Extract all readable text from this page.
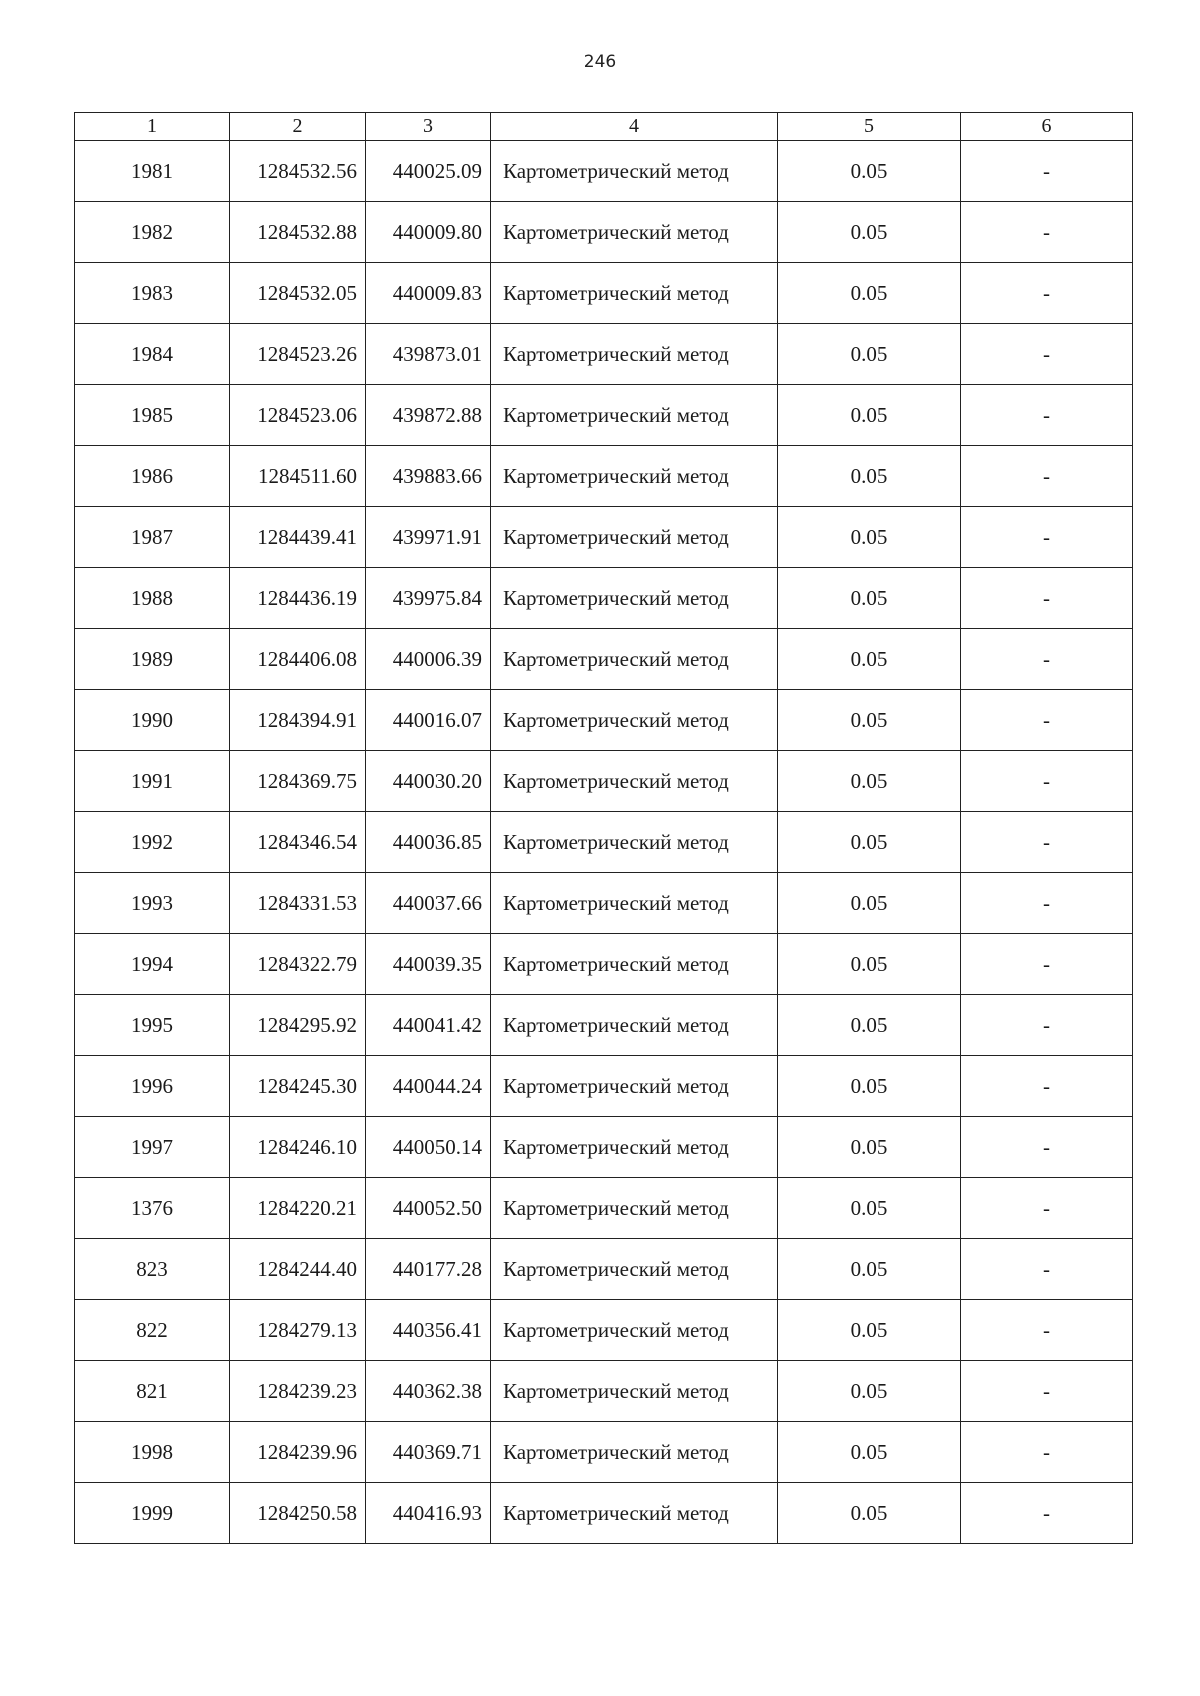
246
1	2	3	4	5	6
1981	1284532.56	440025.09	Картометрический метод	0.05	-
1982	1284532.88	440009.80	Картометрический метод	0.05	-
1983	1284532.05	440009.83	Картометрический метод	0.05	-
1984	1284523.26	439873.01	Картометрический метод	0.05	-
1985	1284523.06	439872.88	Картометрический метод	0.05	-
1986	1284511.60	439883.66	Картометрический метод	0.05	-
1987	1284439.41	439971.91	Картометрический метод	0.05	-
1988	1284436.19	439975.84	Картометрический метод	0.05	-
1989	1284406.08	440006.39	Картометрический метод	0.05	-
1990	1284394.91	440016.07	Картометрический метод	0.05	-
1991	1284369.75	440030.20	Картометрический метод	0.05	-
1992	1284346.54	440036.85	Картометрический метод	0.05	-
1993	1284331.53	440037.66	Картометрический метод	0.05	-
1994	1284322.79	440039.35	Картометрический метод	0.05	-
1995	1284295.92	440041.42	Картометрический метод	0.05	-
1996	1284245.30	440044.24	Картометрический метод	0.05	-
1997	1284246.10	440050.14	Картометрический метод	0.05	-
1376	1284220.21	440052.50	Картометрический метод	0.05	-
823	1284244.40	440177.28	Картометрический метод	0.05	-
822	1284279.13	440356.41	Картометрический метод	0.05	-
821	1284239.23	440362.38	Картометрический метод	0.05	-
1998	1284239.96	440369.71	Картометрический метод	0.05	-
1999	1284250.58	440416.93	Картометрический метод	0.05	-
